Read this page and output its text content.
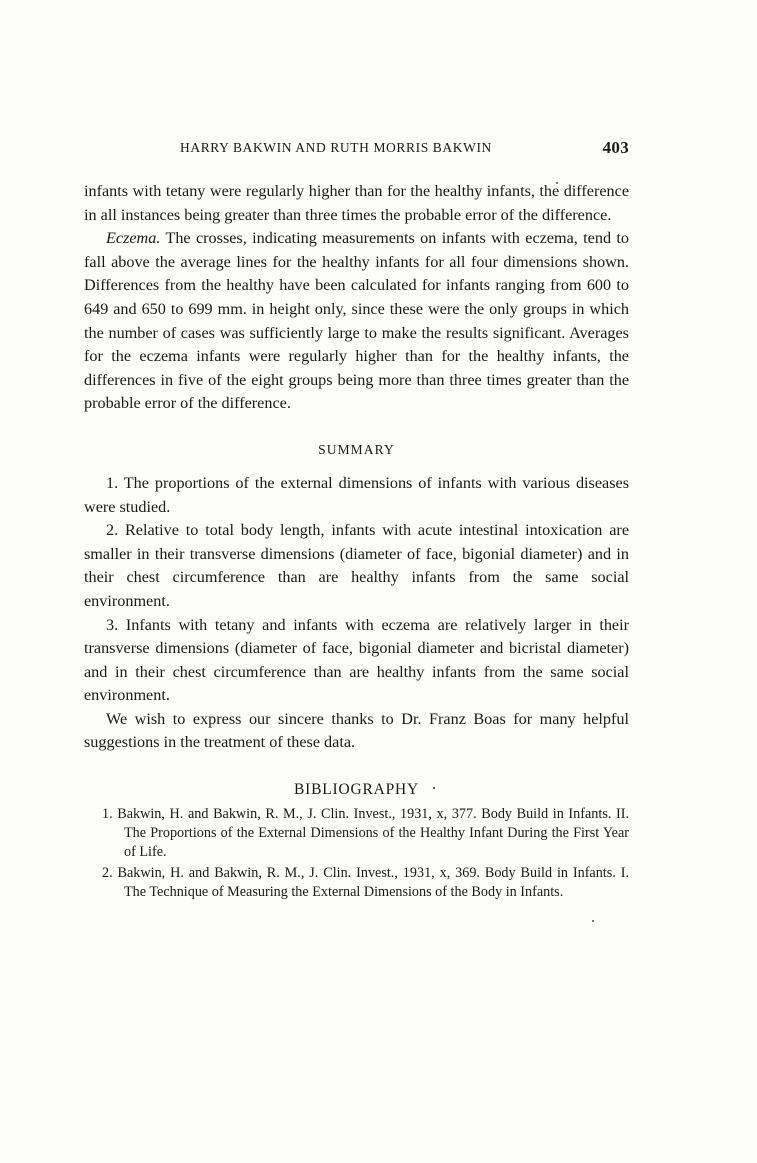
HARRY BAKWIN AND RUTH MORRIS BAKWIN	403

infants with tetany were regularly higher than for the healthy infants, the difference in all instances being greater than three times the probable error of the difference.

Eczema. The crosses, indicating measurements on infants with eczema, tend to fall above the average lines for the healthy infants for all four dimensions shown. Differences from the healthy have been calculated for infants ranging from 600 to 649 and 650 to 699 mm. in height only, since these were the only groups in which the number of cases was sufficiently large to make the results significant. Averages for the eczema infants were regularly higher than for the healthy infants, the differences in five of the eight groups being more than three times greater than the probable error of the difference.

SUMMARY

1. The proportions of the external dimensions of infants with various diseases were studied.

2. Relative to total body length, infants with acute intestinal intoxication are smaller in their transverse dimensions (diameter of face, bigonial diameter) and in their chest circumference than are healthy infants from the same social environment.

3. Infants with tetany and infants with eczema are relatively larger in their transverse dimensions (diameter of face, bigonial diameter and bicristal diameter) and in their chest circumference than are healthy infants from the same social environment.

We wish to express our sincere thanks to Dr. Franz Boas for many helpful suggestions in the treatment of these data.

BIBLIOGRAPHY
1. Bakwin, H. and Bakwin, R. M., J. Clin. Invest., 1931, x, 377. Body Build in Infants. II. The Proportions of the External Dimensions of the Healthy Infant During the First Year of Life.
2. Bakwin, H. and Bakwin, R. M., J. Clin. Invest., 1931, x, 369. Body Build in Infants. I. The Technique of Measuring the External Dimensions of the Body in Infants.
